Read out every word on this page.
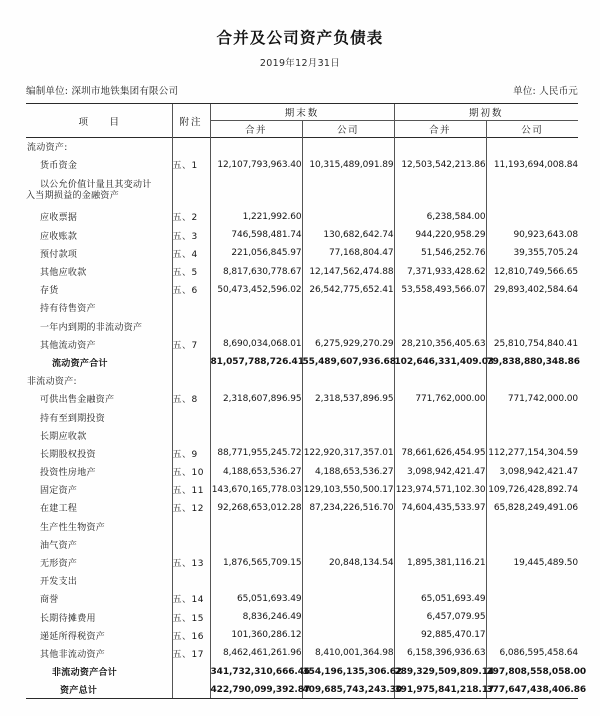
合并及公司资产负债表
2019年12月31日
编制单位: 深圳市地铁集团有限公司	单位: 人民币元
项　目	附注	期末数		期初数	
		合并	公司	合并	公司
流动资产:					
货币资金	五、1	12,107,793,963.40	10,315,489,091.89	12,503,542,213.86	11,193,694,008.84
以公允价值计量且其变动计
入当期损益的金融资产					

应收票据	五、2	1,221,992.60		6,238,584.00	
应收账款	五、3	746,598,481.74	130,682,642.74	944,220,958.29	90,923,643.08
预付款项	五、4	221,056,845.97	77,168,804.47	51,546,252.76	39,355,705.24
其他应收款	五、5	8,817,630,778.67	12,147,562,474.88	7,371,933,428.62	12,810,749,566.65
存货	五、6	50,473,452,596.02	26,542,775,652.41	53,558,493,566.07	29,893,402,584.64
持有待售资产					
一年内到期的非流动资产					
其他流动资产	五、7	8,690,034,068.01	6,275,929,270.29	28,210,356,405.63	25,810,754,840.41
流动资产合计		81,057,788,726.41	55,489,607,936.68	102,646,331,409.03	79,838,880,348.86
非流动资产:					
可供出售金融资产	五、8	2,318,607,896.95	2,318,537,896.95	771,762,000.00	771,742,000.00
持有至到期投资					
长期应收款					
长期股权投资	五、9	88,771,955,245.72	122,920,317,357.01	78,661,626,454.95	112,277,154,304.59
投资性房地产	五、10	4,188,653,536.27	4,188,653,536.27	3,098,942,421.47	3,098,942,421.47
固定资产	五、11	143,670,165,778.03	129,103,550,500.17	123,974,571,102.30	109,726,428,892.74
在建工程	五、12	92,268,653,012.28	87,234,226,516.70	74,604,435,533.97	65,828,249,491.06
生产性生物资产					
油气资产					
无形资产	五、13	1,876,565,709.15	20,848,134.54	1,895,381,116.21	19,445,489.50
开发支出					
商誉	五、14	65,051,693.49		65,051,693.49	
长期待摊费用	五、15	8,836,246.49		6,457,079.95	
递延所得税资产	五、16	101,360,286.12		92,885,470.17	
其他非流动资产	五、17	8,462,461,261.96	8,410,001,364.98	6,158,396,936.63	6,086,595,458.64
非流动资产合计		341,732,310,666.46	354,196,135,306.62	289,329,509,809.14	297,808,558,058.00
资产总计		422,790,099,392.87	409,685,743,243.30	391,975,841,218.17	377,647,438,406.86
